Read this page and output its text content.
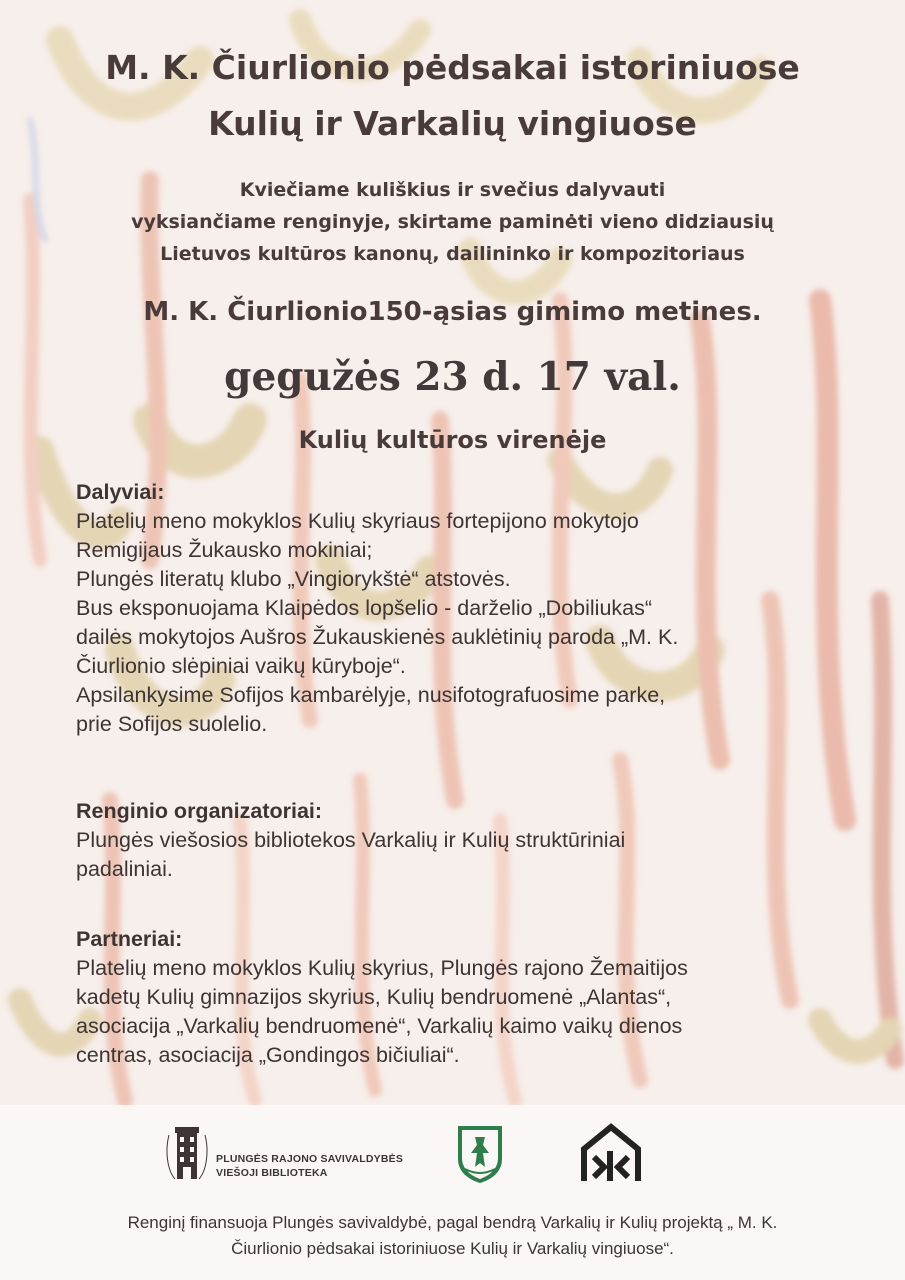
M. K. Čiurlionio pėdsakai istoriniuose
Kulių ir Varkalių vingiuose

Kviečiame kuliškius ir svečius dalyvauti

vyksiančiame renginyje, skirtame paminėti vieno didziausių

Lietuvos kultūros kanonų, dailininko ir kompozitoriaus

M. K. Čiurlionio150-ąsias gimimo metines.

gegužės 23 d. 17 val.

Kulių kultūros virenėje

Dalyviai:
Platelių meno mokyklos Kulių skyriaus fortepijono mokytojo
Remigijaus Žukausko mokiniai;
Plungės literatų klubo „Vingiorykštė“ atstovės.
Bus eksponuojama Klaipėdos lopšelio - darželio „Dobiliukas“
dailės mokytojos Aušros Žukauskienės auklėtinių paroda „M. K.
Čiurlionio slėpiniai vaikų kūryboje“.
Apsilankysime Sofijos kambarėlyje, nusifotografuosime parke,
prie Sofijos suolelio.
Renginio organizatoriai:
Plungės viešosios bibliotekos Varkalių ir Kulių struktūriniai
padaliniai.
Partneriai:
Platelių meno mokyklos Kulių skyrius, Plungės rajono Žemaitijos
kadetų Kulių gimnazijos skyrius, Kulių bendruomenė „Alantas“,
asociacija „Varkalių bendruomenė“, Varkalių kaimo vaikų dienos
centras, asociacija „Gondingos bičiuliai“.
PLUNGĖS RAJONO SAVIVALDYBĖS
VIEŠOJI BIBLIOTEKA

Renginį finansuoja Plungės savivaldybė, pagal bendrą Varkalių ir Kulių projektą „ M. K.
Čiurlionio pėdsakai istoriniuose Kulių ir Varkalių vingiuose“.
